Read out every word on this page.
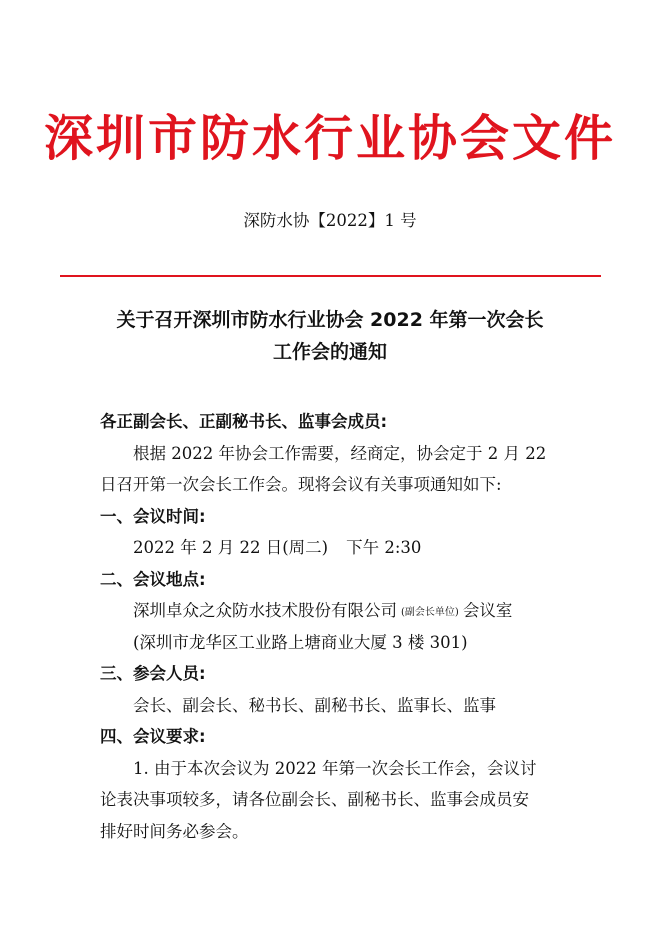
深圳市防水行业协会文件
深防水协【2022】1 号
关于召开深圳市防水行业协会 2022 年第一次会长
工作会的通知
各正副会长、正副秘书长、监事会成员:
根据 2022 年协会工作需要，经商定，协会定于 2 月 22
日召开第一次会长工作会。现将会议有关事项通知如下:
一、会议时间:
2022 年 2 月 22 日(周二) 下午 2:30
二、会议地点:
深圳卓众之众防水技术股份有限公司 (副会长单位) 会议室
(深圳市龙华区工业路上塘商业大厦 3 楼 301)
三、参会人员:
会长、副会长、秘书长、副秘书长、监事长、监事
四、会议要求:
1. 由于本次会议为 2022 年第一次会长工作会，会议讨
论表决事项较多，请各位副会长、副秘书长、监事会成员安
排好时间务必参会。
